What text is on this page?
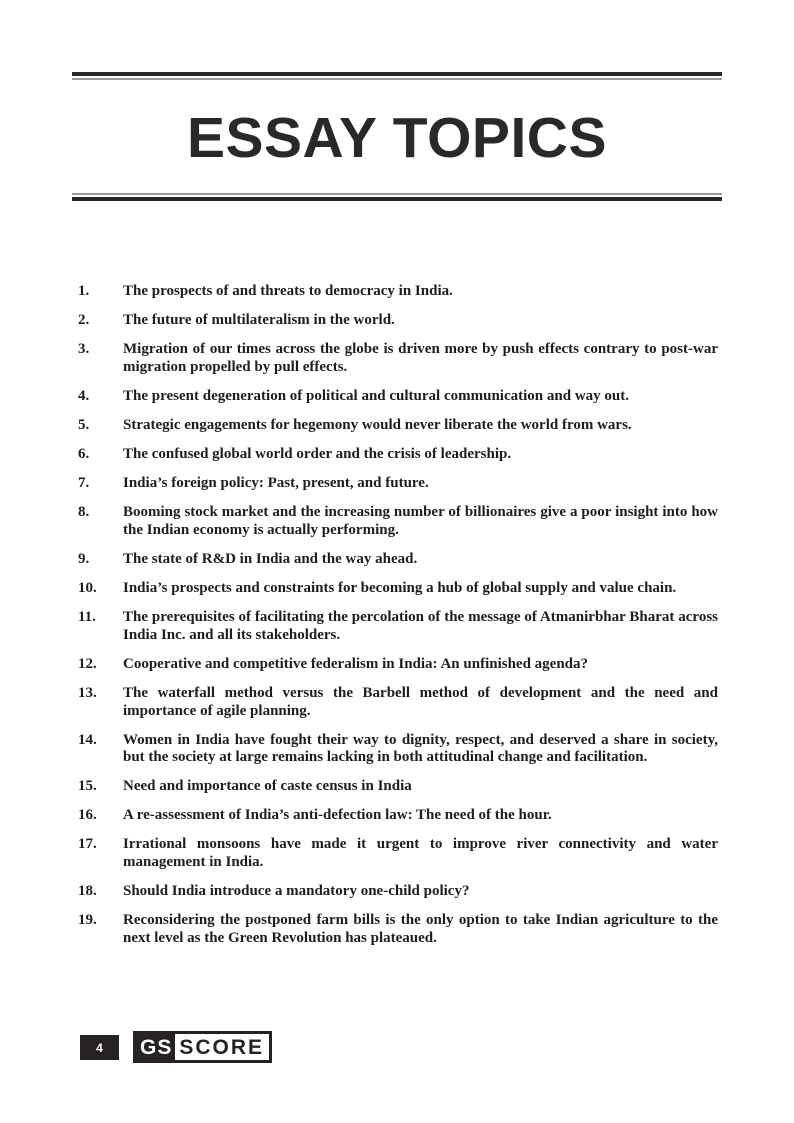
ESSAY TOPICS
1.	The prospects of and threats to democracy in India.
2.	The future of multilateralism in the world.
3.	Migration of our times across the globe is driven more by push effects contrary to post-war migration propelled by pull effects.
4.	The present degeneration of political and cultural communication and way out.
5.	Strategic engagements for hegemony would never liberate the world from wars.
6.	The confused global world order and the crisis of leadership.
7.	India’s foreign policy: Past, present, and future.
8.	Booming stock market and the increasing number of billionaires give a poor insight into how the Indian economy is actually performing.
9.	The state of R&D in India and the way ahead.
10.	India’s prospects and constraints for becoming a hub of global supply and value chain.
11.	The prerequisites of facilitating the percolation of the message of Atmanirbhar Bharat across India Inc. and all its stakeholders.
12.	Cooperative and competitive federalism in India: An unfinished agenda?
13.	The waterfall method versus the Barbell method of development and the need and importance of agile planning.
14.	Women in India have fought their way to dignity, respect, and deserved a share in society, but the society at large remains lacking in both attitudinal change and facilitation.
15.	Need and importance of caste census in India
16.	A re-assessment of India’s anti-defection law: The need of the hour.
17.	Irrational monsoons have made it urgent to improve river connectivity and water management in India.
18.	Should India introduce a mandatory one-child policy?
19.	Reconsidering the postponed farm bills is the only option to take Indian agriculture to the next level as the Green Revolution has plateaued.
4	GS SCORE
